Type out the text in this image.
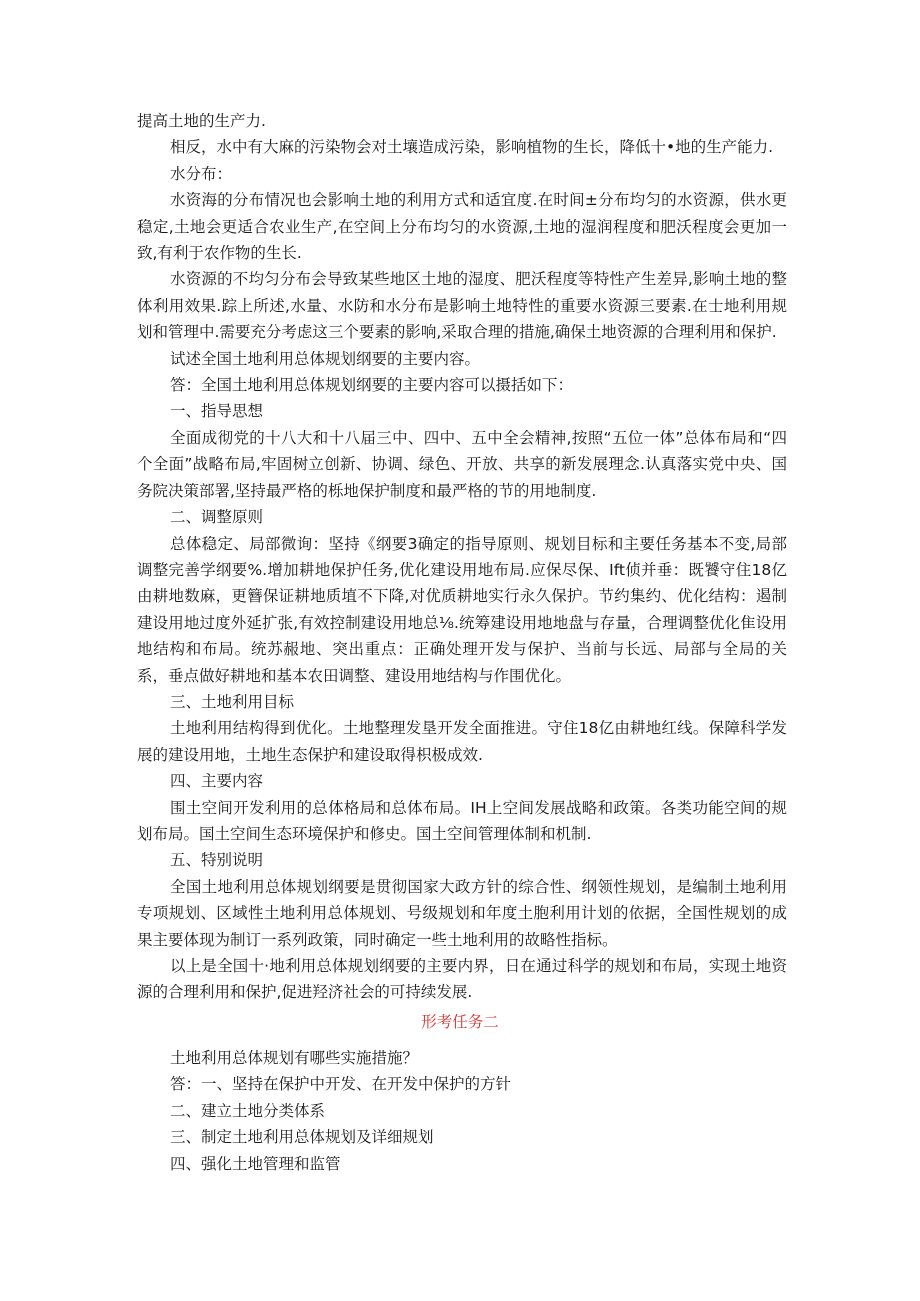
提高土地的生产力.

相反，水中有大麻的污染物会对土壤造成污染，影响植物的生长，降低十•地的生产能力.

水分布：

水资海的分布情况也会影响土地的利用方式和适宜度.在时间±分布均匀的水资源，供水更稳定,土地会更适合农业生产,在空间上分布均匀的水资源,土地的湿润程度和肥沃程度会更加一致,有利于农作物的生长.

水资源的不均匀分布会导致某些地区土地的湿度、肥沃程度等特性产生差异,影响土地的整体利用效果.踪上所述,水量、水防和水分布是影响土地特性的重要水资源三要素.在士地利用规划和管理中.需要充分考虑这三个要素的影响,采取合理的措施,确保土地资源的合理利用和保护.

试述全国土地利用总体规划纲要的主要内容。

答：全国土地利用总体规划纲要的主要内容可以摄括如下：

一、指导思想

全面成彻党的十八大和十八届三中、四中、五中全会精神,按照“五位一体”总体布局和“四个全面”战略布局,牢固树立创新、协调、绿色、开放、共享的新发展理念.认真落实党中央、国务院决策部署,坚持最严格的栎地保护制度和最严格的节的用地制度.

二、调整原则

总体稳定、局部微询：坚持《纲要3确定的指导原则、规划目标和主要任务基本不变,局部调整完善学纲要%.增加耕地保护任务,优化建设用地布局.应保尽保、Ift侦并垂：既饕守住18亿由耕地数麻，更簪保证耕地质埴不下降,对优质耕地实行永久保护。节约集约、优化结构：遏制建设用地过度外延扩张,有效控制建设用地总⅛.统筹建设用地地盘与存量，合理调整优化隹设用地结构和布局。统苏赧地、突出重点：正确处理开发与保护、当前与长远、局部与全局的关系，垂点做好耕地和基本农田调整、建设用地结构与作围优化。

三、土地利用目标

土地利用结构得到优化。土地整理发垦开发全面推进。守住18亿由耕地红线。保障科学发展的建设用地，土地生态保护和建设取得枳极成效.

四、主要内容

围土空间开发利用的总体格局和总体布局。IH上空间发展战略和政策。各类功能空间的规划布局。国土空间生态环境保护和修史。国土空间管理体制和机制.

五、特别说明

全国土地利用总体规划纲要是贯彻国家大政方针的综合性、纲领性规划，是编制土地利用专项规划、区域性土地利用总体规划、号级规划和年度土胞利用计划的依据，全国性规划的成果主要体现为制订一系列政策，同时确定一些土地利用的故略性指标。

以上是全国十·地利用总体规划纲要的主要内界，日在通过科学的规划和布局，实现土地资源的合理利用和保护,促进羟济社会的可持续发展.

形考任务二

土地利用总体规划有哪些实施措施？

答：一、坚持在保护中开发、在开发中保护的方针

二、建立土地分类体系

三、制定土地利用总体规划及详细规划

四、强化土地管理和监管
